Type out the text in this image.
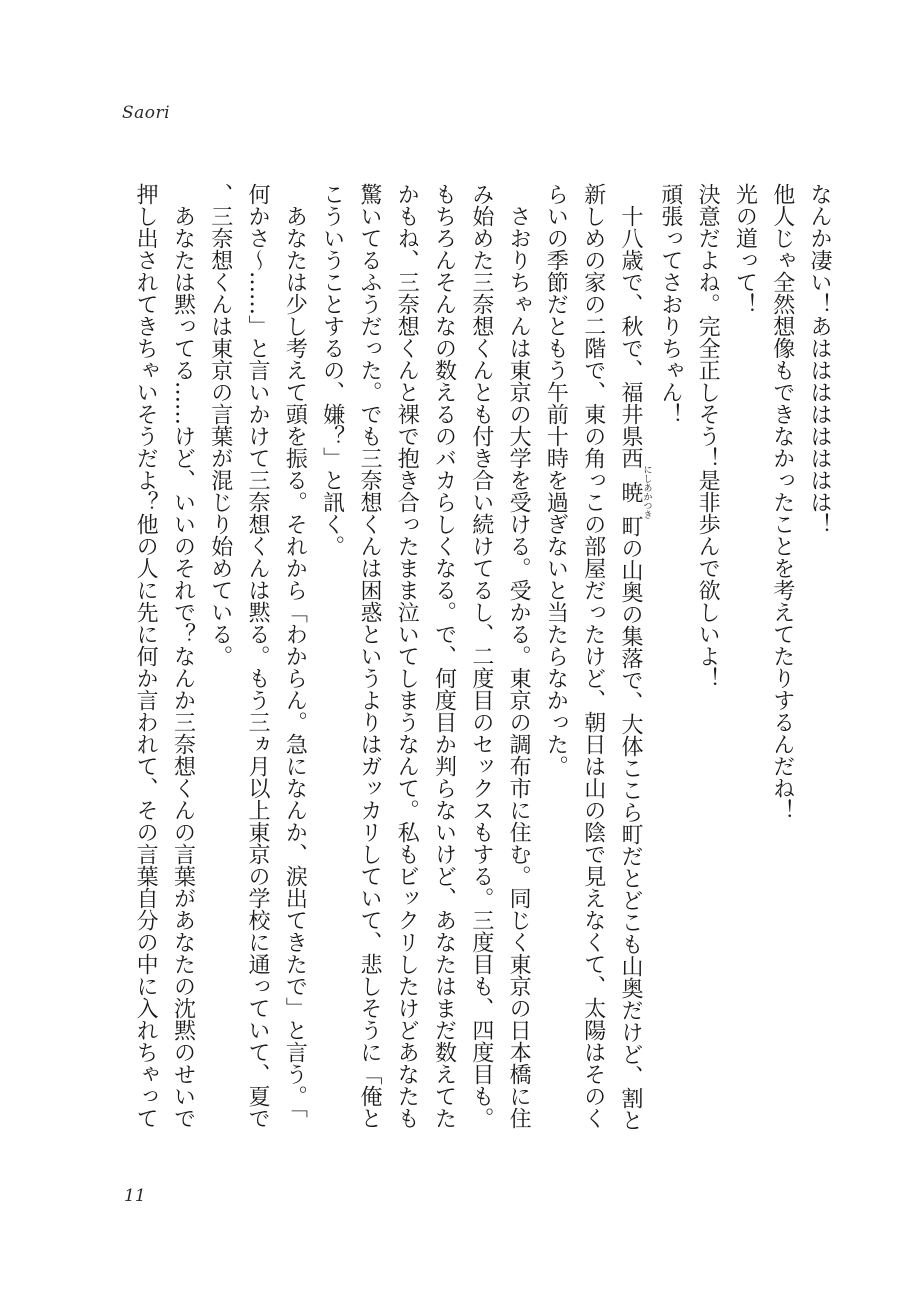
Saori

なんか凄い！あはははははははは！

他人じゃ全然想像もできなかったことを考えてたりするんだね！

光の道って！

決意だよね。完全正しそう！是非歩んで欲しいよ！

頑張ってさおりちゃん！

　十八歳で、秋で、福井県西暁にしあかつき町の山奥の集落で、大体ここら町だとどこも山奥だけど、割と新しめの家の二階で、東の角っこの部屋だったけど、朝日は山の陰で見えなくて、太陽はそのくらいの季節だともう午前十時を過ぎないと当たらなかった。

　さおりちゃんは東京の大学を受ける。受かる。東京の調布市に住む。同じく東京の日本橋に住み始めた三奈想くんとも付き合い続けてるし、二度目のセックスもする。三度目も、四度目も。もちろんそんなの数えるのバカらしくなる。で、何度目か判らないけど、あなたはまだ数えてたかもね、三奈想くんと裸で抱き合ったまま泣いてしまうなんて。私もビックリしたけどあなたも驚いてるふうだった。でも三奈想くんは困惑というよりはガッカリしていて、悲しそうに「俺とこういうことするの、嫌？」と訊く。

　あなたは少し考えて頭を振る。それから「わからん。急になんか、涙出てきたで」と言う。「何かさ〜……」と言いかけて三奈想くんは黙る。もう三ヵ月以上東京の学校に通っていて、夏で、三奈想くんは東京の言葉が混じり始めている。

　あなたは黙ってる……けど、いいのそれで？なんか三奈想くんの言葉があなたの沈黙のせいで押し出されてきちゃいそうだよ？他の人に先に何か言われて、その言葉自分の中に入れちゃって

11
